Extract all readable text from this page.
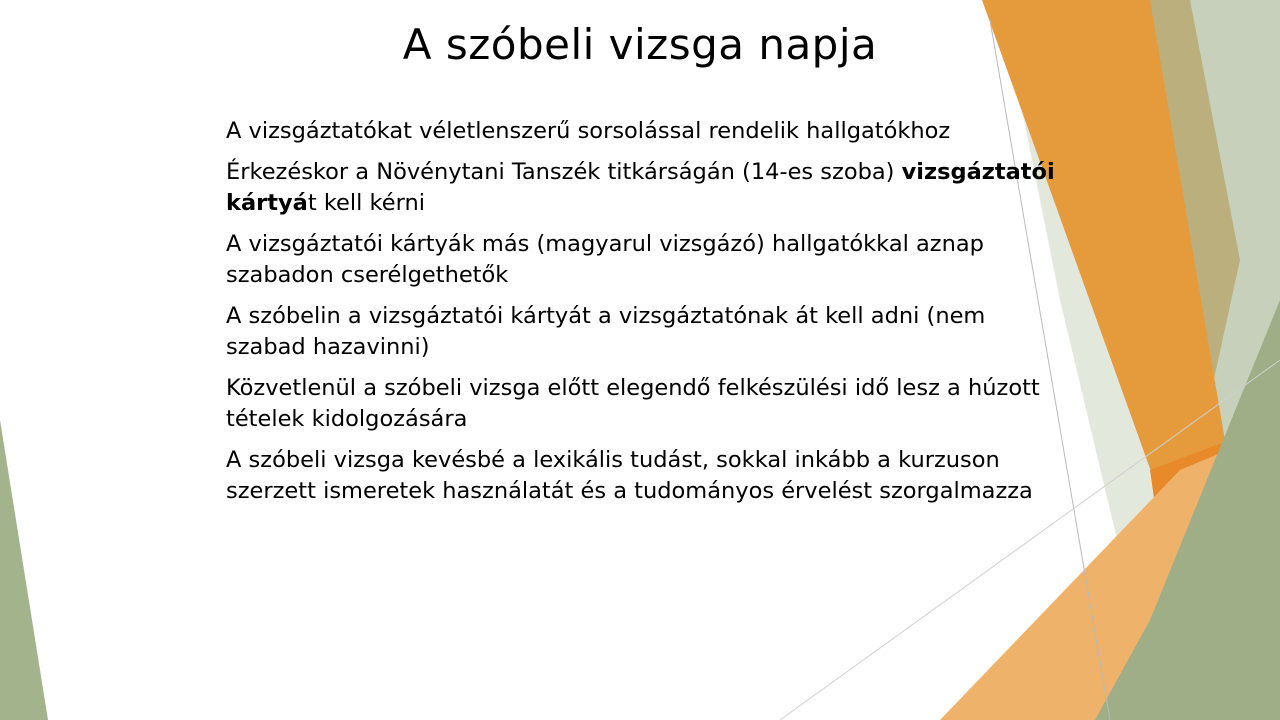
A szóbeli vizsga napja
A vizsgáztatókat véletlenszerű sorsolással rendelik hallgatókhoz
Érkezéskor a Növénytani Tanszék titkárságán (14-es szoba) vizsgáztatói kártyát kell kérni
A vizsgáztatói kártyák más (magyarul vizsgázó) hallgatókkal aznap szabadon cserélgethetők
A szóbelin a vizsgáztatói kártyát a vizsgáztatónak át kell adni (nem szabad hazavinni)
Közvetlenül a szóbeli vizsga előtt elegendő felkészülési idő lesz a húzott tételek kidolgozására
A szóbeli vizsga kevésbé a lexikális tudást, sokkal inkább a kurzuson szerzett ismeretek használatát és a tudományos érvelést szorgalmazza
